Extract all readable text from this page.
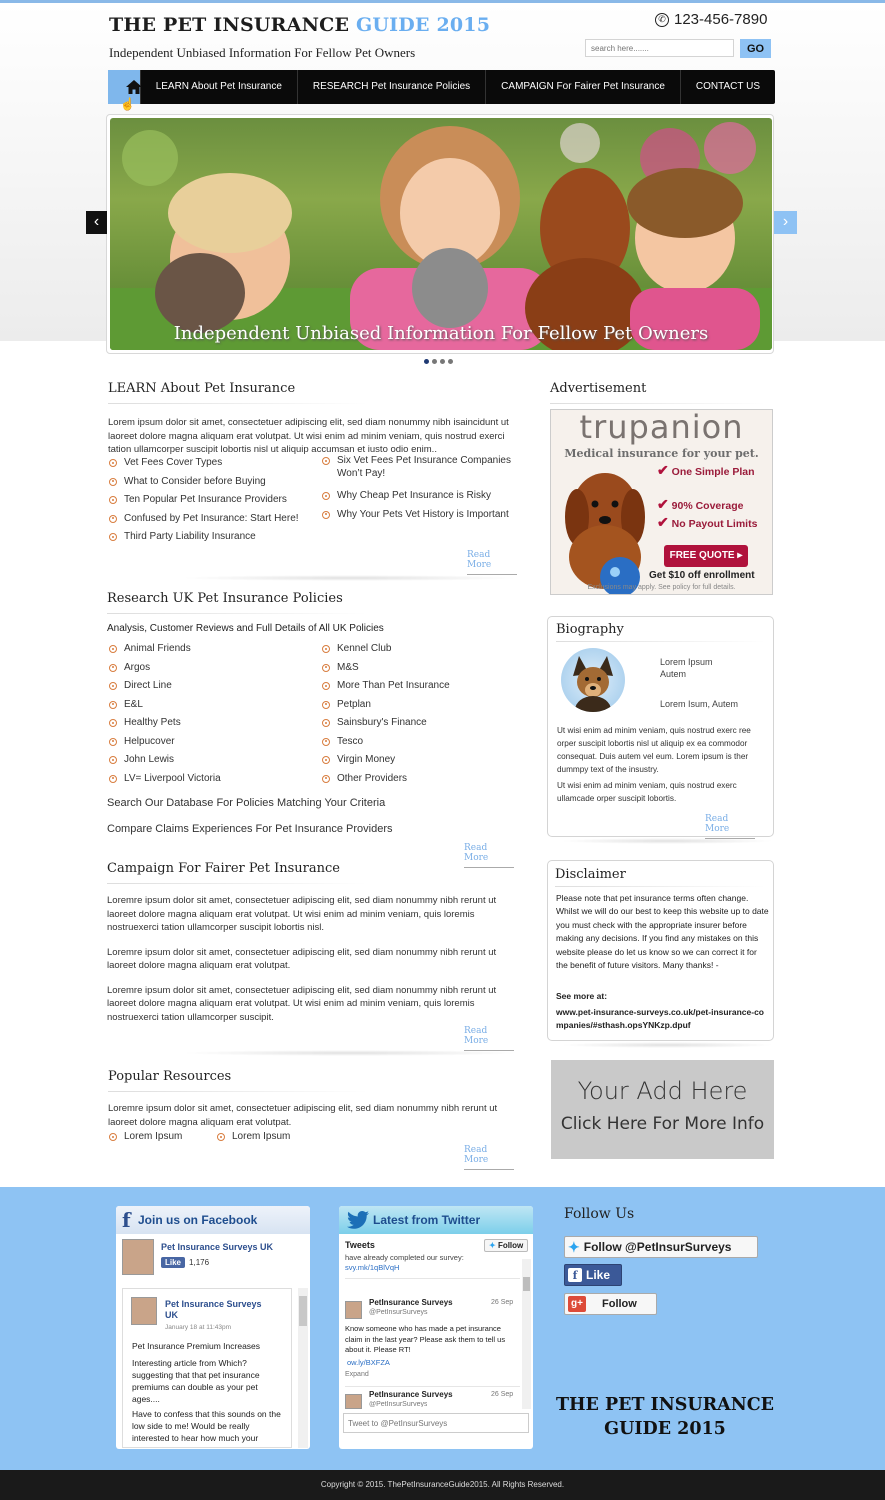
THE PET INSURANCE GUIDE 2015
Independent Unbiased Information For Fellow Pet Owners
✆ 123-456-7890
search here.......
GO
LEARN About Pet Insurance	RESEARCH Pet Insurance Policies	CAMPAIGN For Fairer Pet Insurance	CONTACT US
☝
Independent Unbiased Information For Fellow Pet Owners
‹	›
LEARN About Pet Insurance
Lorem ipsum dolor sit amet, consectetuer adipiscing elit, sed diam nonummy nibh isaincidunt ut laoreet dolore magna aliquam erat volutpat. Ut wisi enim ad minim veniam, quis nostrud exerci tation ullamcorper suscipit lobortis nisl ut aliquip accumsan et iusto odio enim..
Vet Fees Cover Types
What to Consider before Buying
Ten Popular Pet Insurance Providers
Confused by Pet Insurance: Start Here!
Third Party Liability Insurance
Six Vet Fees Pet Insurance Companies Won’t Pay!
Why Cheap Pet Insurance is Risky
Why Your Pets Vet History is Important
Read More
Research UK Pet Insurance Policies
Analysis, Customer Reviews and Full Details of All UK Policies
Animal Friends
Argos
Direct Line
E&L
Healthy Pets
Helpucover
John Lewis
LV= Liverpool Victoria
Kennel Club
M&S
More Than Pet Insurance
Petplan
Sainsbury's Finance
Tesco
Virgin Money
Other Providers
Search Our Database For Policies Matching Your Criteria
Compare Claims Experiences For Pet Insurance Providers
Read More
Campaign For Fairer Pet Insurance
Loremre ipsum dolor sit amet, consectetuer adipiscing elit, sed diam nonummy nibh rerunt ut laoreet dolore magna aliquam erat volutpat. Ut wisi enim ad minim veniam, quis loremis nostruexerci tation ullamcorper suscipit lobortis nisl.
Loremre ipsum dolor sit amet, consectetuer adipiscing elit, sed diam nonummy nibh rerunt ut laoreet dolore magna aliquam erat volutpat.
Loremre ipsum dolor sit amet, consectetuer adipiscing elit, sed diam nonummy nibh rerunt ut laoreet dolore magna aliquam erat volutpat. Ut wisi enim ad minim veniam, quis loremis nostruexerci tation ullamcorper suscipit.
Read More
Popular Resources
Loremre ipsum dolor sit amet, consectetuer adipiscing elit, sed diam nonummy nibh rerunt ut laoreet dolore magna aliquam erat volutpat.
Lorem Ipsum	Lorem Ipsum
Read More
Advertisement
trupanion
Medical insurance for your pet.
✔ One Simple Plan
✔ 90% Coverage
✔ No Payout Limits
FREE QUOTE ▸
Get $10 off enrollment
Exclusions may apply. See policy for full details.
Biography
Lorem Ipsum
Autem
Lorem Isum, Autem
Ut wisi enim ad minim veniam, quis nostrud exerc ree orper suscipit lobortis nisl ut aliquip ex ea commodor consequat. Duis autem vel eum. Lorem ipsum is ther dummpy text of the insustry.
Ut wisi enim ad minim veniam, quis nostrud exerc ullamcade orper suscipit lobortis.
Read More
Disclaimer
Please note that pet insurance terms often change. Whilst we will do our best to keep this website up to date you must check with the appropriate insurer before making any decisions. If you find any mistakes on this website please do let us know so we can correct it for the benefit of future visitors. Many thanks! -
See more at:
www.pet-insurance-surveys.co.uk/pet-insurance-companies/#sthash.opsYNKzp.dpuf
Your Add Here
Click Here For More Info
f Join us on Facebook
Pet Insurance Surveys UK
Like	1,176
Pet Insurance Surveys UK
January 18 at 11:43pm
Pet Insurance Premium Increases
Interesting article from Which? suggesting that that pet insurance premiums can double as your pet ages....
Have to confess that this sounds on the low side to me! Would be really interested to hear how much your
Latest from Twitter
Tweets	✦ Follow
have already completed our survey:
svy.mk/1qBlVqH
PetInsurance Surveys
@PetInsurSurveys
26 Sep
Know someone who has made a pet insurance claim in the last year? Please ask them to tell us about it. Please RT!
ow.ly/BXFZA
Expand
PetInsurance Surveys
@PetInsurSurveys
26 Sep
Tweet to @PetInsurSurveys
Follow Us
✦ Follow @PetInsurSurveys
f Like
g+ Follow
THE PET INSURANCE
GUIDE 2015
Copyright © 2015. ThePetInsuranceGuide2015. All Rights Reserved.
